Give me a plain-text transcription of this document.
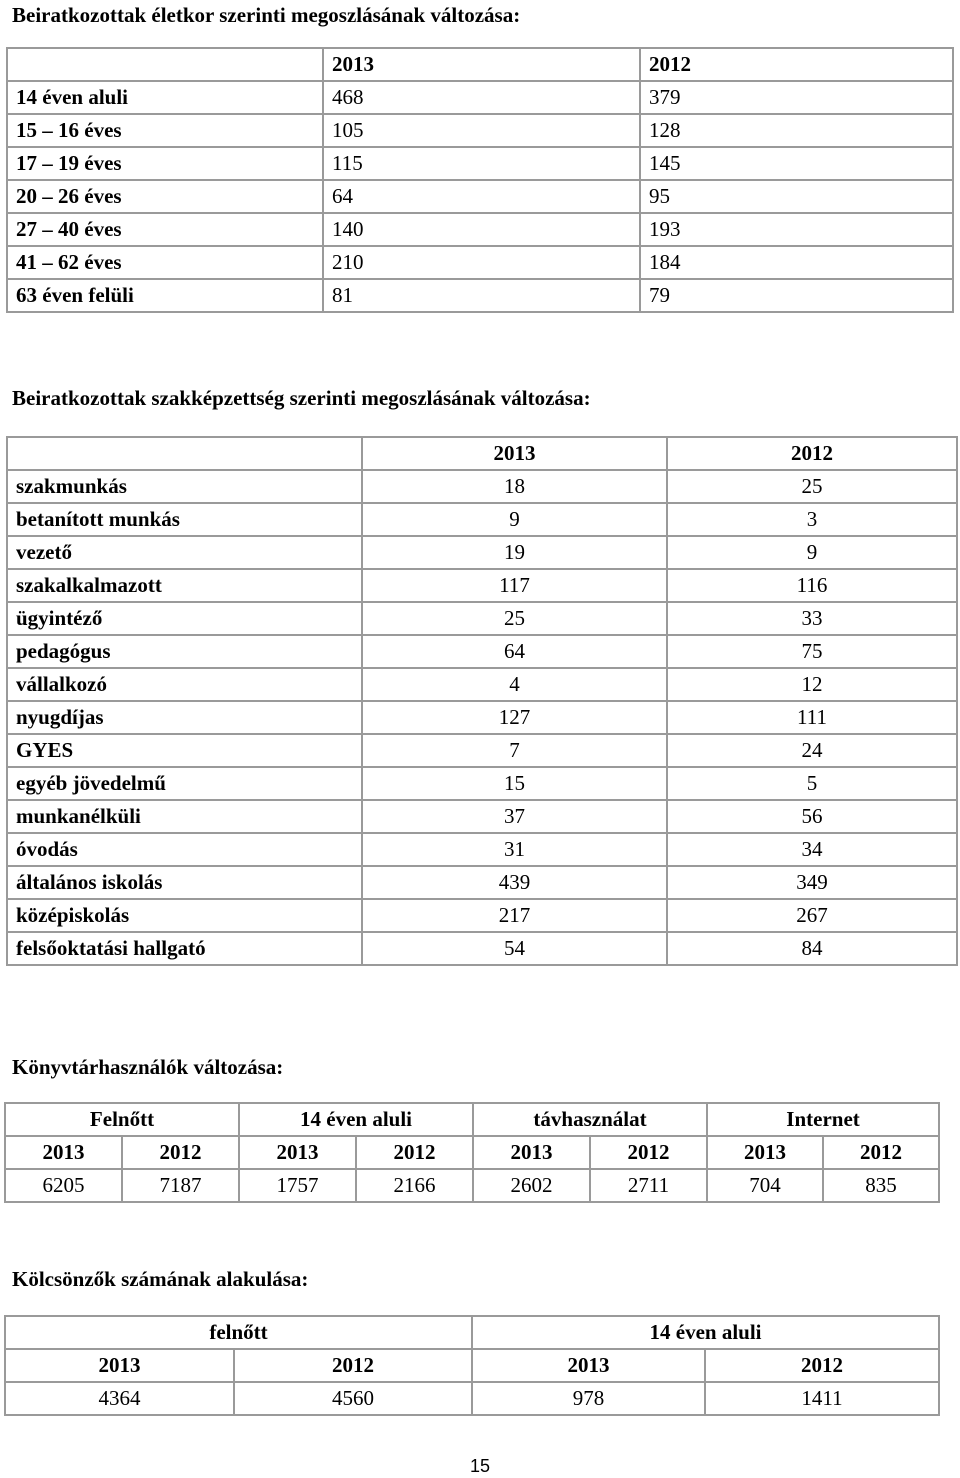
Beiratkozottak életkor szerinti megoszlásának változása:
	2013	2012
14 éven aluli	468	379
15 – 16 éves	105	128
17 – 19 éves	115	145
20 – 26 éves	64	95
27 – 40 éves	140	193
41 – 62 éves	210	184
63 éven felüli	81	79
Beiratkozottak szakképzettség szerinti megoszlásának változása:
	2013	2012
szakmunkás	18	25
betanított munkás	9	3
vezető	19	9
szakalkalmazott	117	116
ügyintéző	25	33
pedagógus	64	75
vállalkozó	4	12
nyugdíjas	127	111
GYES	7	24
egyéb jövedelmű	15	5
munkanélküli	37	56
óvodás	31	34
általános iskolás	439	349
középiskolás	217	267
felsőoktatási hallgató	54	84
Könyvtárhasználók változása:
Felnőtt		14 éven aluli		távhasználat		Internet	
2013	2012	2013	2012	2013	2012	2013	2012
6205	7187	1757	2166	2602	2711	704	835
Kölcsönzők számának alakulása:
felnőtt		14 éven aluli	
2013	2012	2013	2012
4364	4560	978	1411
15
